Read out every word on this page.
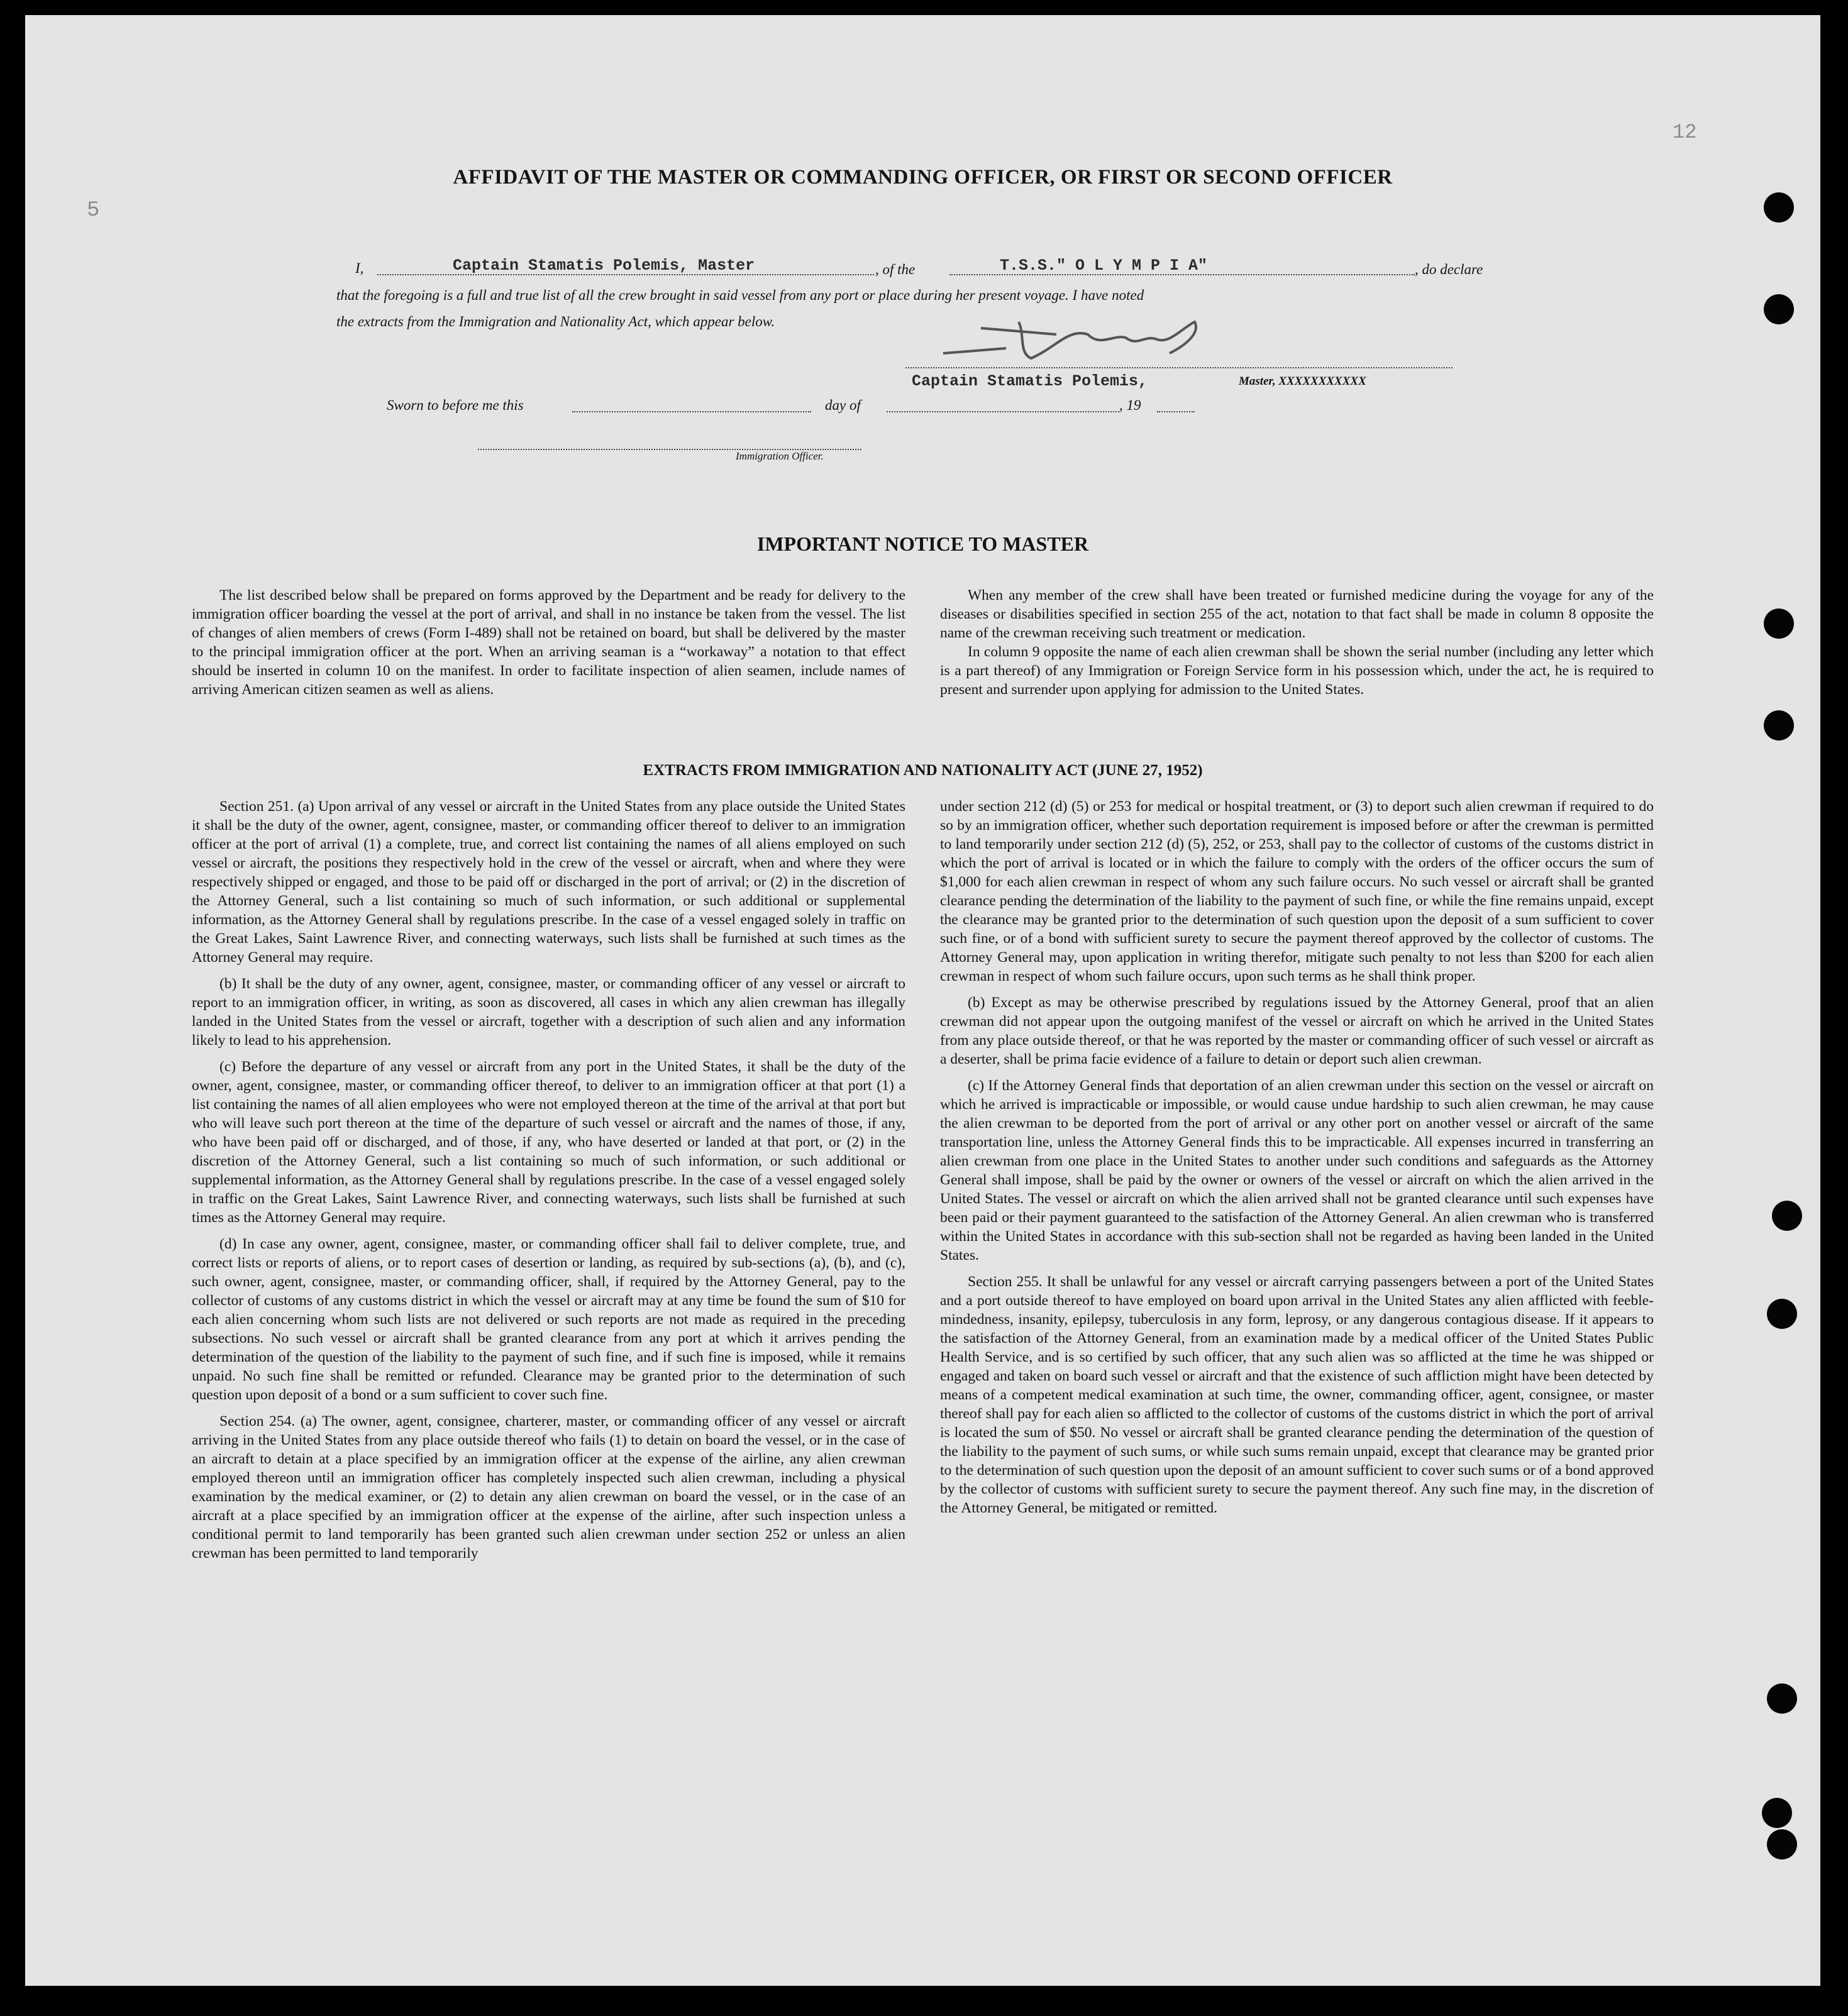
12
5
AFFIDAVIT OF THE MASTER OR COMMANDING OFFICER, OR FIRST OR SECOND OFFICER
I,	Captain Stamatis Polemis, Master	, of the	T.S.S." O L Y M P I A"	, do declare
that the foregoing is a full and true list of all the crew brought in said vessel from any port or place during her present voyage. I have noted
the extracts from the Immigration and Nationality Act, which appear below.
Captain Stamatis Polemis,	Master, XXXXXXXXXXX
Sworn to before me this	day of	, 19
Immigration Officer.
IMPORTANT NOTICE TO MASTER

The list described below shall be prepared on forms approved by the Department and be ready for delivery to the immigration officer boarding the vessel at the port of arrival, and shall in no instance be taken from the vessel. The list of changes of alien members of crews (Form I-489) shall not be retained on board, but shall be delivered by the master to the principal immigration officer at the port. When an arriving seaman is a “workaway” a notation to that effect should be inserted in column 10 on the manifest. In order to facilitate inspection of alien seamen, include names of arriving American citizen seamen as well as aliens.

When any member of the crew shall have been treated or furnished medicine during the voyage for any of the diseases or disabilities specified in section 255 of the act, notation to that fact shall be made in column 8 opposite the name of the crewman receiving such treatment or medication.

In column 9 opposite the name of each alien crewman shall be shown the serial number (including any letter which is a part thereof) of any Immigration or Foreign Service form in his possession which, under the act, he is required to present and surrender upon applying for admission to the United States.

EXTRACTS FROM IMMIGRATION AND NATIONALITY ACT (JUNE 27, 1952)

Section 251. (a) Upon arrival of any vessel or aircraft in the United States from any place outside the United States it shall be the duty of the owner, agent, consignee, master, or commanding officer thereof to deliver to an immigration officer at the port of arrival (1) a complete, true, and correct list containing the names of all aliens employed on such vessel or aircraft, the positions they respectively hold in the crew of the vessel or aircraft, when and where they were respectively shipped or engaged, and those to be paid off or discharged in the port of arrival; or (2) in the discretion of the Attorney General, such a list containing so much of such information, or such additional or supplemental information, as the Attorney General shall by regulations prescribe. In the case of a vessel engaged solely in traffic on the Great Lakes, Saint Lawrence River, and connecting waterways, such lists shall be furnished at such times as the Attorney General may require.

(b) It shall be the duty of any owner, agent, consignee, master, or commanding officer of any vessel or aircraft to report to an immigration officer, in writing, as soon as discovered, all cases in which any alien crewman has illegally landed in the United States from the vessel or aircraft, together with a description of such alien and any information likely to lead to his apprehension.

(c) Before the departure of any vessel or aircraft from any port in the United States, it shall be the duty of the owner, agent, consignee, master, or commanding officer thereof, to deliver to an immigration officer at that port (1) a list containing the names of all alien employees who were not employed thereon at the time of the arrival at that port but who will leave such port thereon at the time of the departure of such vessel or aircraft and the names of those, if any, who have been paid off or discharged, and of those, if any, who have deserted or landed at that port, or (2) in the discretion of the Attorney General, such a list containing so much of such information, or such additional or supplemental information, as the Attorney General shall by regulations prescribe. In the case of a vessel engaged solely in traffic on the Great Lakes, Saint Lawrence River, and connecting waterways, such lists shall be furnished at such times as the Attorney General may require.

(d) In case any owner, agent, consignee, master, or commanding officer shall fail to deliver complete, true, and correct lists or reports of aliens, or to report cases of desertion or landing, as required by sub-sections (a), (b), and (c), such owner, agent, consignee, master, or commanding officer, shall, if required by the Attorney General, pay to the collector of customs of any customs district in which the vessel or aircraft may at any time be found the sum of $10 for each alien concerning whom such lists are not delivered or such reports are not made as required in the preceding subsections. No such vessel or aircraft shall be granted clearance from any port at which it arrives pending the determination of the question of the liability to the payment of such fine, and if such fine is imposed, while it remains unpaid. No such fine shall be remitted or refunded. Clearance may be granted prior to the determination of such question upon deposit of a bond or a sum sufficient to cover such fine.

Section 254. (a) The owner, agent, consignee, charterer, master, or commanding officer of any vessel or aircraft arriving in the United States from any place outside thereof who fails (1) to detain on board the vessel, or in the case of an aircraft to detain at a place specified by an immigration officer at the expense of the airline, any alien crewman employed thereon until an immigration officer has completely inspected such alien crewman, including a physical examination by the medical examiner, or (2) to detain any alien crewman on board the vessel, or in the case of an aircraft at a place specified by an immigration officer at the expense of the airline, after such inspection unless a conditional permit to land temporarily has been granted such alien crewman under section 252 or unless an alien crewman has been permitted to land temporarily

under section 212 (d) (5) or 253 for medical or hospital treatment, or (3) to deport such alien crewman if required to do so by an immigration officer, whether such deportation requirement is imposed before or after the crewman is permitted to land temporarily under section 212 (d) (5), 252, or 253, shall pay to the collector of customs of the customs district in which the port of arrival is located or in which the failure to comply with the orders of the officer occurs the sum of $1,000 for each alien crewman in respect of whom any such failure occurs. No such vessel or aircraft shall be granted clearance pending the determination of the liability to the payment of such fine, or while the fine remains unpaid, except the clearance may be granted prior to the determination of such question upon the deposit of a sum sufficient to cover such fine, or of a bond with sufficient surety to secure the payment thereof approved by the collector of customs. The Attorney General may, upon application in writing therefor, mitigate such penalty to not less than $200 for each alien crewman in respect of whom such failure occurs, upon such terms as he shall think proper.

(b) Except as may be otherwise prescribed by regulations issued by the Attorney General, proof that an alien crewman did not appear upon the outgoing manifest of the vessel or aircraft on which he arrived in the United States from any place outside thereof, or that he was reported by the master or commanding officer of such vessel or aircraft as a deserter, shall be prima facie evidence of a failure to detain or deport such alien crewman.

(c) If the Attorney General finds that deportation of an alien crewman under this section on the vessel or aircraft on which he arrived is impracticable or impossible, or would cause undue hardship to such alien crewman, he may cause the alien crewman to be deported from the port of arrival or any other port on another vessel or aircraft of the same transportation line, unless the Attorney General finds this to be impracticable. All expenses incurred in transferring an alien crewman from one place in the United States to another under such conditions and safeguards as the Attorney General shall impose, shall be paid by the owner or owners of the vessel or aircraft on which the alien arrived in the United States. The vessel or aircraft on which the alien arrived shall not be granted clearance until such expenses have been paid or their payment guaranteed to the satisfaction of the Attorney General. An alien crewman who is transferred within the United States in accordance with this sub-section shall not be regarded as having been landed in the United States.

Section 255. It shall be unlawful for any vessel or aircraft carrying passengers between a port of the United States and a port outside thereof to have employed on board upon arrival in the United States any alien afflicted with feeble-mindedness, insanity, epilepsy, tuberculosis in any form, leprosy, or any dangerous contagious disease. If it appears to the satisfaction of the Attorney General, from an examination made by a medical officer of the United States Public Health Service, and is so certified by such officer, that any such alien was so afflicted at the time he was shipped or engaged and taken on board such vessel or aircraft and that the existence of such affliction might have been detected by means of a competent medical examination at such time, the owner, commanding officer, agent, consignee, or master thereof shall pay for each alien so afflicted to the collector of customs of the customs district in which the port of arrival is located the sum of $50. No vessel or aircraft shall be granted clearance pending the determination of the question of the liability to the payment of such sums, or while such sums remain unpaid, except that clearance may be granted prior to the determination of such question upon the deposit of an amount sufficient to cover such sums or of a bond approved by the collector of customs with sufficient surety to secure the payment thereof. Any such fine may, in the discretion of the Attorney General, be mitigated or remitted.
